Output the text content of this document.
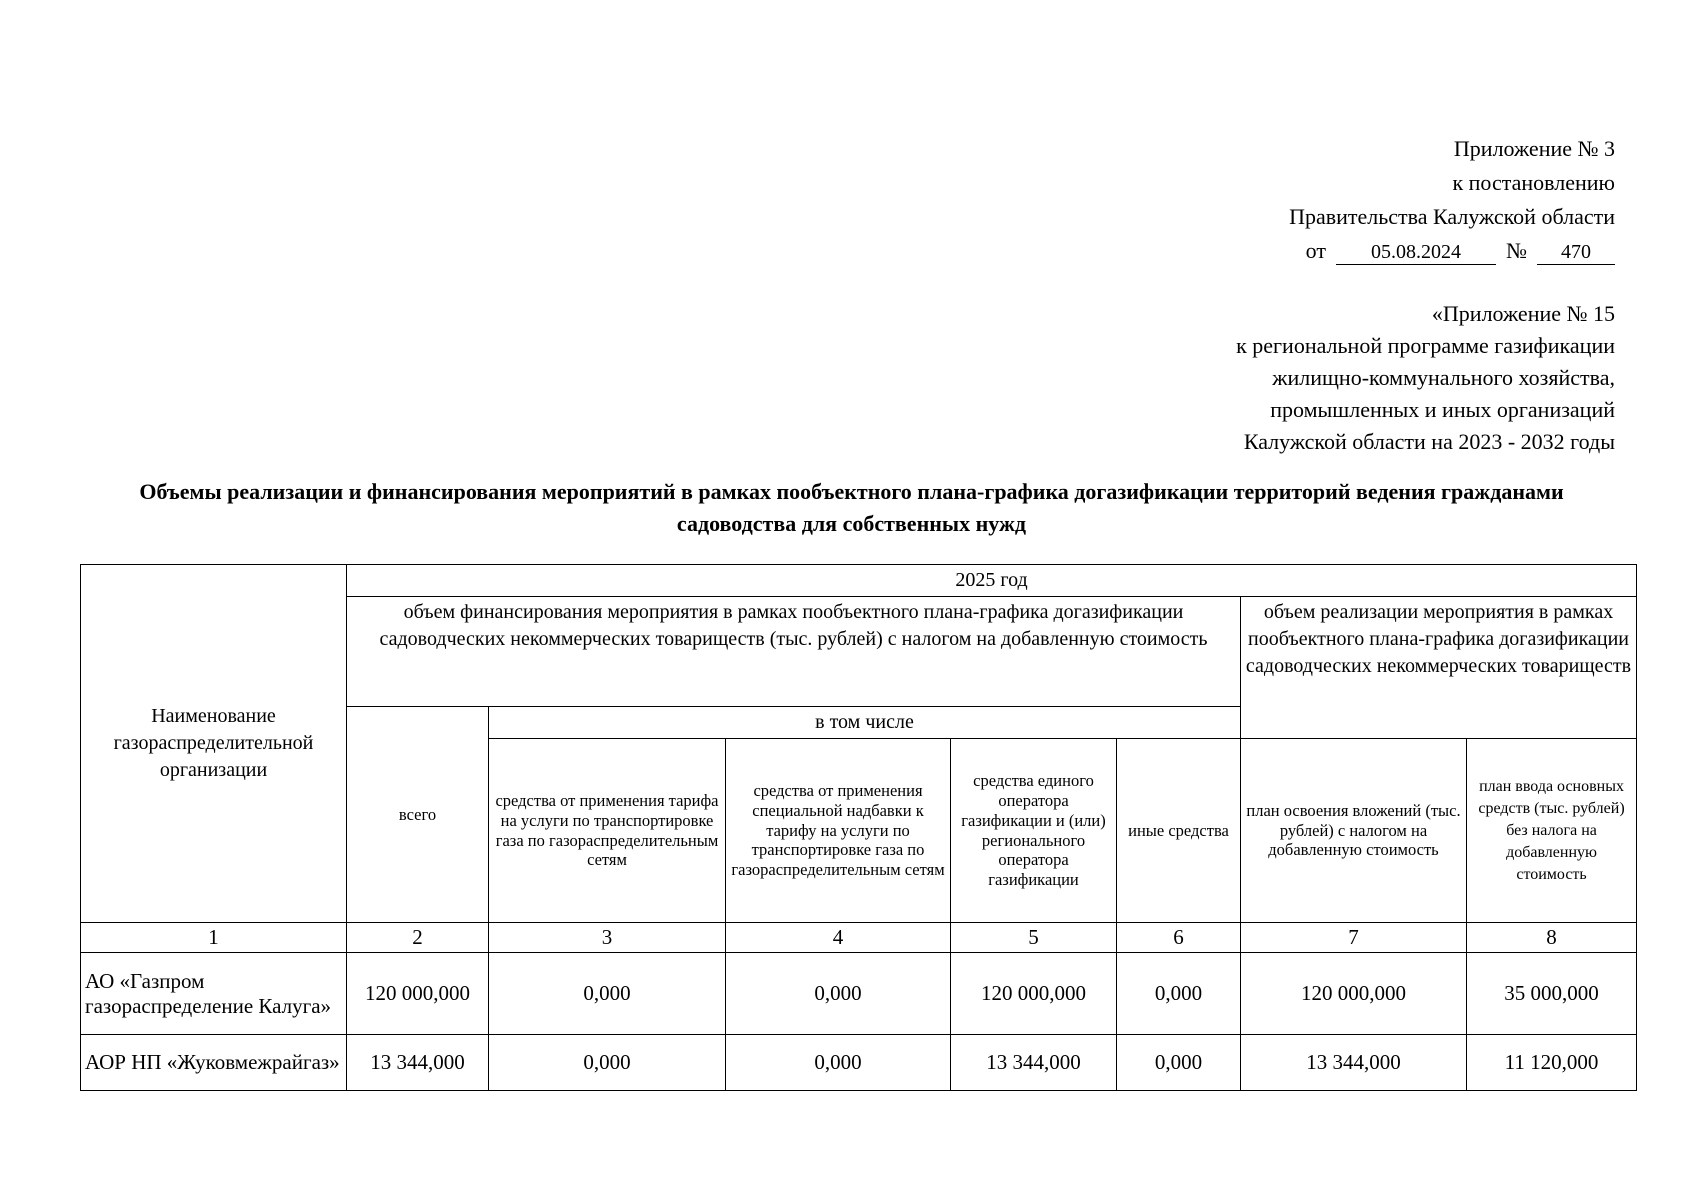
Приложение № 3
к постановлению
Правительства Калужской области
от	05.08.2024	№	470
«Приложение № 15
к региональной программе газификации
жилищно-коммунального хозяйства,
промышленных и иных организаций
Калужской области на 2023 - 2032 годы
Объемы реализации и финансирования мероприятий в рамках пообъектного плана-графика догазификации территорий ведения гражданами садоводства для собственных нужд
Наименование газораспределительной организации	2025 год						
	объем финансирования мероприятия в рамках пообъектного плана-графика догазификации садоводческих некоммерческих товариществ (тыс. рублей) с налогом на добавленную стоимость					объем реализации мероприятия в рамках пообъектного плана-графика догазификации садоводческих некоммерческих товариществ	
	всего	в том числе					
		средства от применения тарифа на услуги по транспортировке газа по газораспределительным сетям	средства от применения специальной надбавки к тарифу на услуги по транспортировке газа по газораспределительным сетям	средства единого оператора газификации и (или) регионального оператора газификации	иные средства	план освоения вложений (тыс. рублей) с налогом на добавленную стоимость	план ввода основных средств (тыс. рублей) без налога на добавленную стоимость
1	2	3	4	5	6	7	8
АО «Газпром газораспределение Калуга»	120 000,000	0,000	0,000	120 000,000	0,000	120 000,000	35 000,000
АОР НП «Жуковмежрайгаз»	13 344,000	0,000	0,000	13 344,000	0,000	13 344,000	11 120,000
